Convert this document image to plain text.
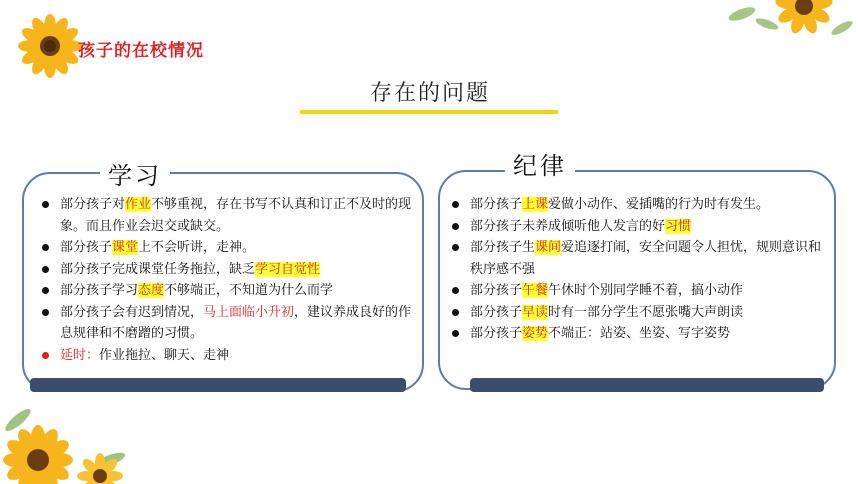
孩子的在校情况
存在的问题
学习
部分孩子对作业不够重视，存在书写不认真和订正不及时的现象。而且作业会迟交或缺交。
部分孩子课堂上不会听讲，走神。
部分孩子完成课堂任务拖拉，缺乏学习自觉性
部分孩子学习态度不够端正，不知道为什么而学
部分孩子会有迟到情况，马上面临小升初，建议养成良好的作息规律和不磨蹭的习惯。
延时：作业拖拉、聊天、走神
纪律
部分孩子上课爱做小动作、爱插嘴的行为时有发生。
部分孩子未养成倾听他人发言的好习惯
部分孩子生课间爱追逐打闹，安全问题令人担忧，规则意识和秩序感不强
部分孩子午餐午休时个别同学睡不着，搞小动作
部分孩子早读时有一部分学生不愿张嘴大声朗读
部分孩子姿势不端正：站姿、坐姿、写字姿势
